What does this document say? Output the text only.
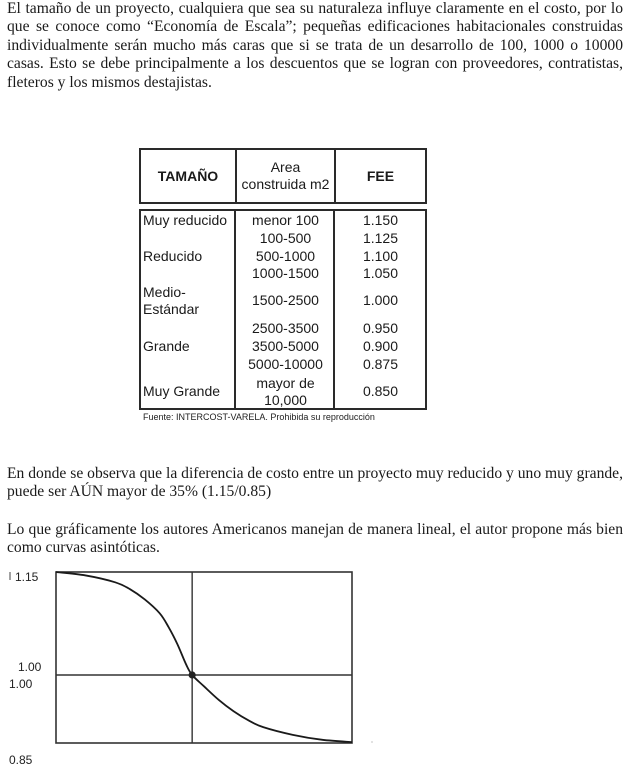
El tamaño de un proyecto, cualquiera que sea su naturaleza influye claramente en el costo, por lo que se conoce como “Economía de Escala”; pequeñas edificaciones habitacionales construidas individualmente serán mucho más caras que si se trata de un desarrollo de 100, 1000 o 10000 casas. Esto se debe principalmente a los descuentos que se logran con proveedores, contratistas, fleteros y los mismos destajistas.

TAMAÑO
Area
construida m2
FEE
Muy reducido
Reducido
Medio-
Estándar
Grande
Muy Grande
menor 100
100-500
500-1000
1000-1500
1500-2500
2500-3500
3500-5000
5000-10000
mayor de
10,000
1.150
1.125
1.100
1.050
1.000
0.950
0.900
0.875
0.850
Fuente: INTERCOST-VARELA. Prohibida su reproducción

En donde se observa que la diferencia de costo entre un proyecto muy reducido y uno muy grande, puede ser AÚN mayor de 35% (1.15/0.85)

Lo que gráficamente los autores Americanos manejan de manera lineal, el autor propone más bien como curvas asintóticas.

1.15
1.00
1.00
0.85
